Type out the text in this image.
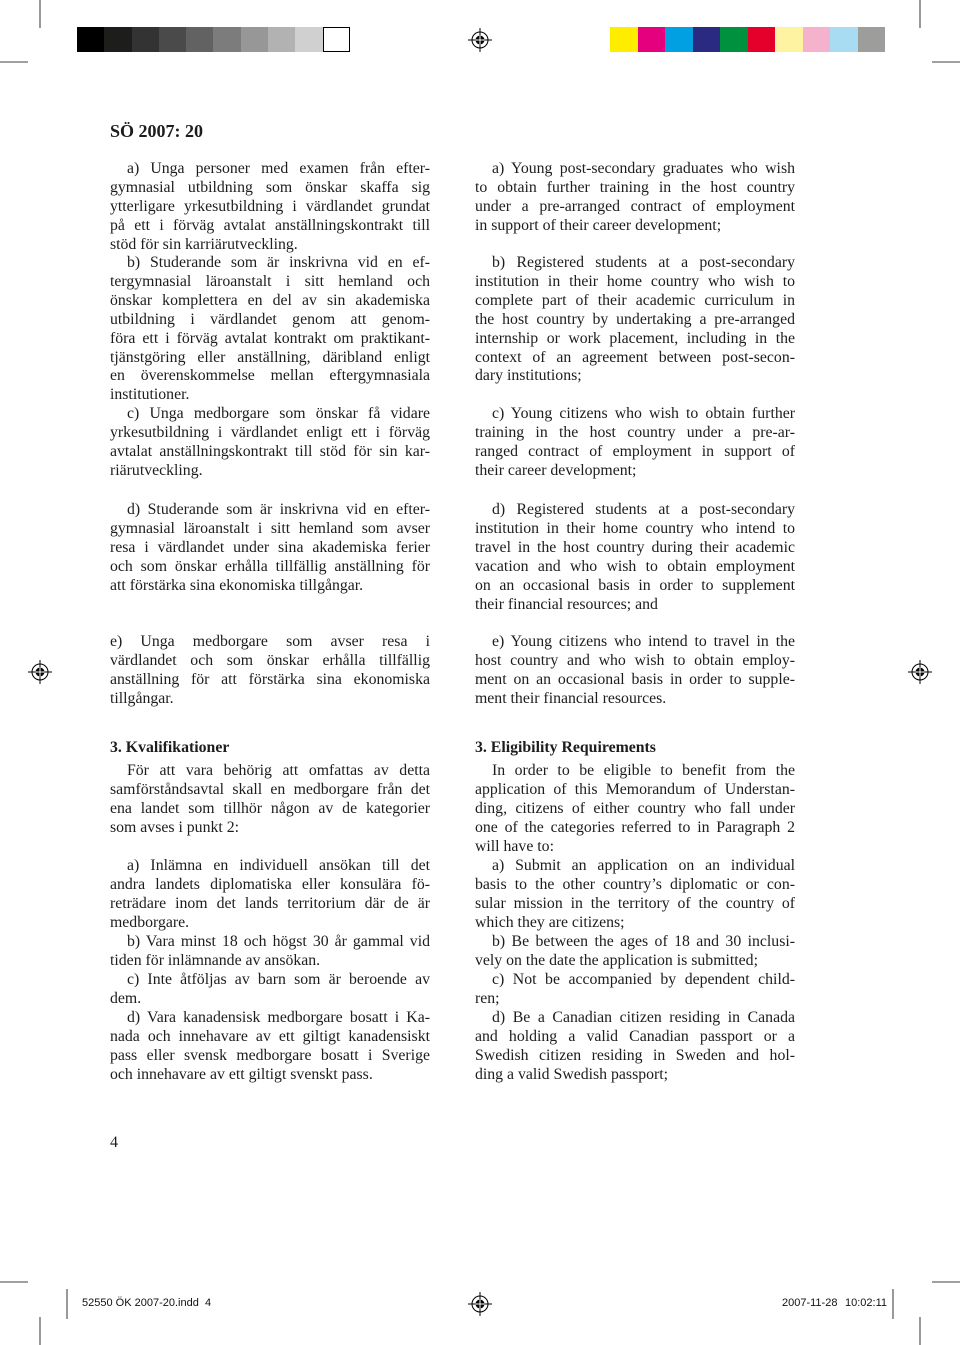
SÖ 2007: 20
a) Unga personer med examen från efter-
gymnasial utbildning som önskar skaffa sig
ytterligare yrkesutbildning i värdlandet grundat
på ett i förväg avtalat anställningskontrakt till
stöd för sin karriärutveckling.
b) Studerande som är inskrivna vid en ef-
tergymnasial läroanstalt i sitt hemland och
önskar komplettera en del av sin akademiska
utbildning i värdlandet genom att genom-
föra ett i förväg avtalat kontrakt om praktikant-
tjänstgöring eller anställning, däribland enligt
en överenskommelse mellan eftergymnasiala
institutioner.
c) Unga medborgare som önskar få vidare
yrkesutbildning i värdlandet enligt ett i förväg
avtalat anställningskontrakt till stöd för sin kar-
riärutveckling.
d) Studerande som är inskrivna vid en efter-
gymnasial läroanstalt i sitt hemland som avser
resa i värdlandet under sina akademiska ferier
och som önskar erhålla tillfällig anställning för
att förstärka sina ekonomiska tillgångar.
e) Unga medborgare som avser resa i
värdlandet och som önskar erhålla tillfällig
anställning för att förstärka sina ekonomiska
tillgångar.
3. Kvalifikationer
För att vara behörig att omfattas av detta
samförståndsavtal skall en medborgare från det
ena landet som tillhör någon av de kategorier
som avses i punkt 2:
a) Inlämna en individuell ansökan till det
andra landets diplomatiska eller konsulära fö-
reträdare inom det lands territorium där de är
medborgare.
b) Vara minst 18 och högst 30 år gammal vid
tiden för inlämnande av ansökan.
c) Inte åtföljas av barn som är beroende av
dem.
d) Vara kanadensisk medborgare bosatt i Ka-
nada och innehavare av ett giltigt kanadensiskt
pass eller svensk medborgare bosatt i Sverige
och innehavare av ett giltigt svenskt pass.
a) Young post-secondary graduates who wish
to obtain further training in the host country
under a pre-arranged contract of employment
in support of their career development;
b) Registered students at a post-secondary
institution in their home country who wish to
complete part of their academic curriculum in
the host country by undertaking a pre-arranged
internship or work placement, including in the
context of an agreement between post-secon-
dary institutions;
c) Young citizens who wish to obtain further
training in the host country under a pre-ar-
ranged contract of employment in support of
their career development;
d) Registered students at a post-secondary
institution in their home country who intend to
travel in the host country during their academic
vacation and who wish to obtain employment
on an occasional basis in order to supplement
their financial resources; and
e) Young citizens who intend to travel in the
host country and who wish to obtain employ-
ment on an occasional basis in order to supple-
ment their financial resources.
3. Eligibility Requirements
In order to be eligible to benefit from the
application of this Memorandum of Understan-
ding, citizens of either country who fall under
one of the categories referred to in Paragraph 2
will have to:
a) Submit an application on an individual
basis to the other country’s diplomatic or con-
sular mission in the territory of the country of
which they are citizens;
b) Be between the ages of 18 and 30 inclusi-
vely on the date the application is submitted;
c) Not be accompanied by dependent child-
ren;
d) Be a Canadian citizen residing in Canada
and holding a valid Canadian passport or a
Swedish citizen residing in Sweden and hol-
ding a valid Swedish passport;
4
52550 ÖK 2007-20.indd 4	2007-11-28 10:02:11
